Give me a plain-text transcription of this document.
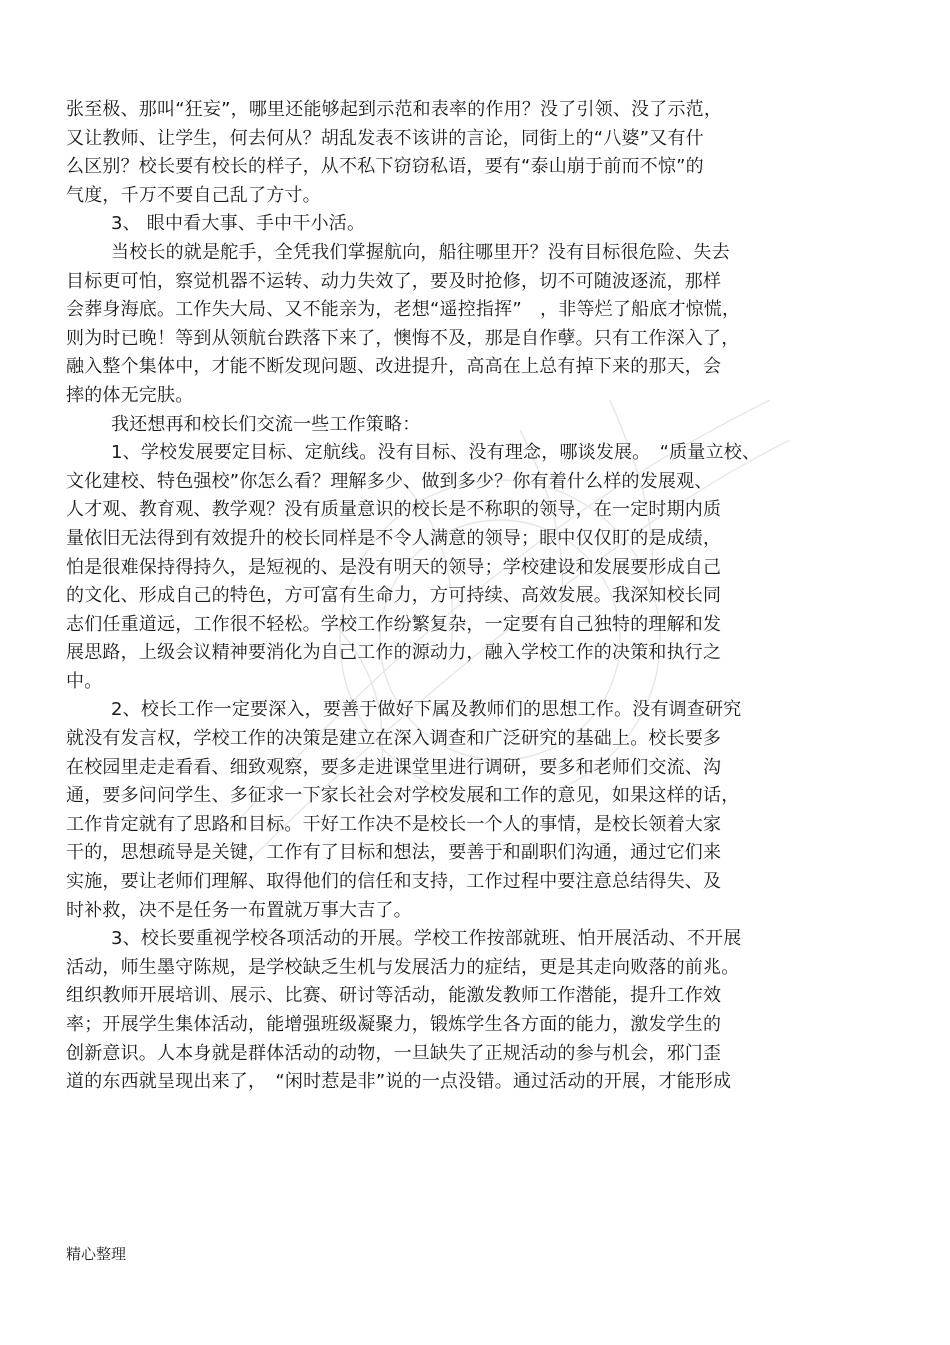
张至极、那叫“狂妄”，哪里还能够起到示范和表率的作用？没了引领、没了示范，
又让教师、让学生，何去何从？胡乱发表不该讲的言论，同街上的“八婆”又有什
么区别？校长要有校长的样子，从不私下窃窃私语，要有“泰山崩于前而不惊”的
气度，千万不要自己乱了方寸。
3、 眼中看大事、手中干小活。
当校长的就是舵手，全凭我们掌握航向，船往哪里开？没有目标很危险、失去
目标更可怕，察觉机器不运转、动力失效了，要及时抢修，切不可随波逐流，那样
会葬身海底。工作失大局、又不能亲为，老想“遥控指挥”　，非等烂了船底才惊慌，
则为时已晚！等到从领航台跌落下来了，懊悔不及，那是自作孽。只有工作深入了，
融入整个集体中，才能不断发现问题、改进提升，高高在上总有掉下来的那天，会
摔的体无完肤。
我还想再和校长们交流一些工作策略：
1、学校发展要定目标、定航线。没有目标、没有理念，哪谈发展。　“质量立校、
文化建校、特色强校”你怎么看？理解多少、做到多少？你有着什么样的发展观、
人才观、教育观、教学观？没有质量意识的校长是不称职的领导，在一定时期内质
量依旧无法得到有效提升的校长同样是不令人满意的领导；眼中仅仅盯的是成绩，
怕是很难保持得持久，是短视的、是没有明天的领导；学校建设和发展要形成自己
的文化、形成自己的特色，方可富有生命力，方可持续、高效发展。我深知校长同
志们任重道远，工作很不轻松。学校工作纷繁复杂，一定要有自己独特的理解和发
展思路，上级会议精神要消化为自己工作的源动力，融入学校工作的决策和执行之
中。
2、校长工作一定要深入，要善于做好下属及教师们的思想工作。没有调查研究
就没有发言权，学校工作的决策是建立在深入调查和广泛研究的基础上。校长要多
在校园里走走看看、细致观察，要多走进课堂里进行调研，要多和老师们交流、沟
通，要多问问学生、多征求一下家长社会对学校发展和工作的意见，如果这样的话，
工作肯定就有了思路和目标。干好工作决不是校长一个人的事情，是校长领着大家
干的，思想疏导是关键，工作有了目标和想法，要善于和副职们沟通，通过它们来
实施，要让老师们理解、取得他们的信任和支持，工作过程中要注意总结得失、及
时补救，决不是任务一布置就万事大吉了。
3、校长要重视学校各项活动的开展。学校工作按部就班、怕开展活动、不开展
活动，师生墨守陈规，是学校缺乏生机与发展活力的症结，更是其走向败落的前兆。
组织教师开展培训、展示、比赛、研讨等活动，能激发教师工作潜能，提升工作效
率；开展学生集体活动，能增强班级凝聚力，锻炼学生各方面的能力，激发学生的
创新意识。人本身就是群体活动的动物，一旦缺失了正规活动的参与机会，邪门歪
道的东西就呈现出来了，　“闲时惹是非”说的一点没错。通过活动的开展，才能形成
精心整理
